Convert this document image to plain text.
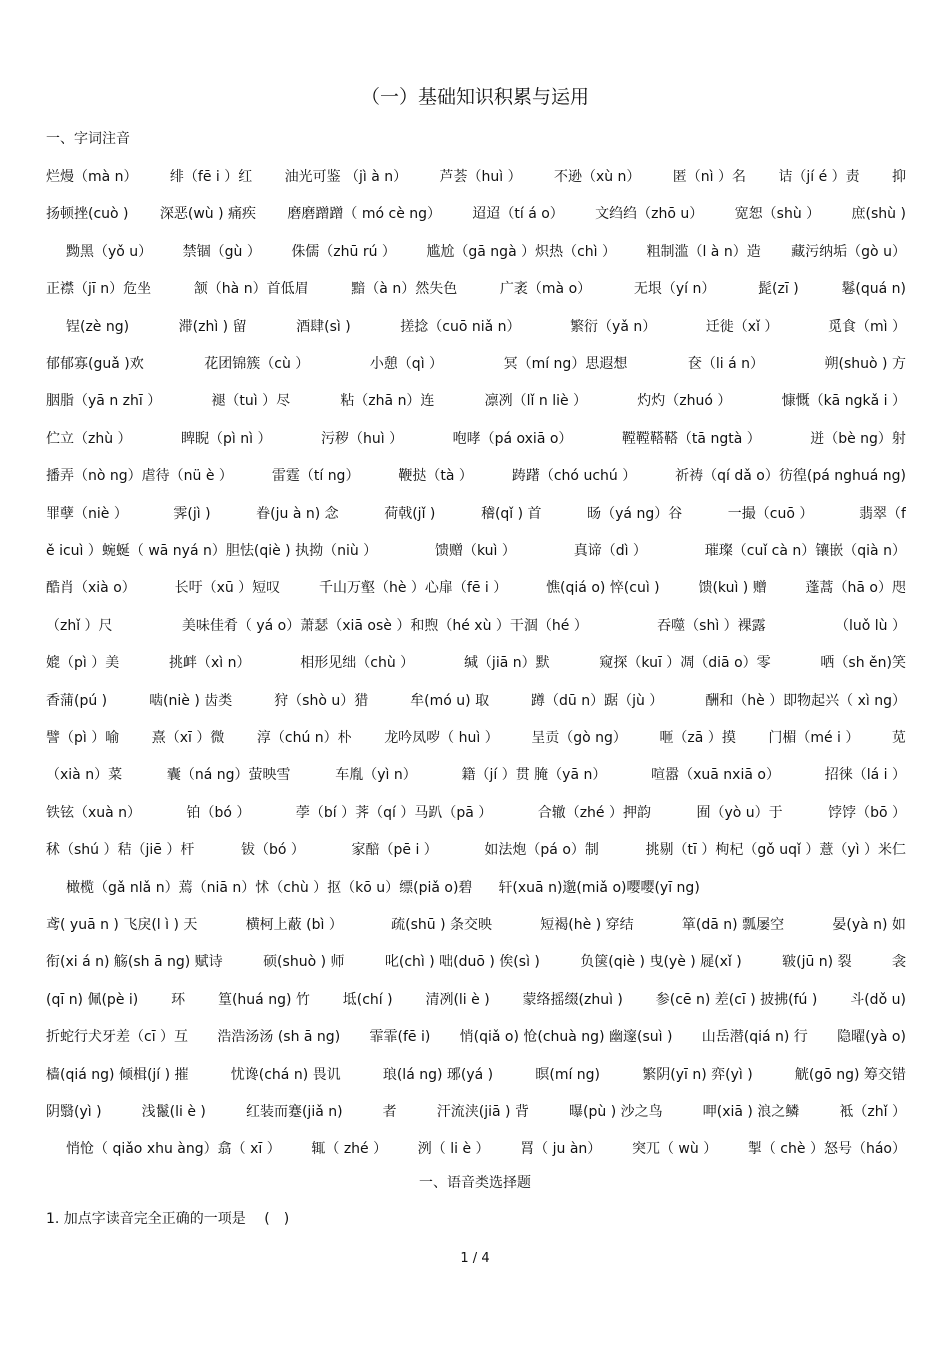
（一）基础知识积累与运用
一、字词注音
烂熳（mà n） 绯（fē i ）红 油光可鉴 （jì à n） 芦荟（huì ） 不逊（xù n） 匿（nì ）名 诘（jí é ）责 抑
扬顿挫(cuò ) 深恶(wù ) 痛疾 磨磨蹭蹭（ mó cè ng） 迢迢（tí á o） 文绉绉（zhō u） 宽恕（shù ） 庶(shù )
黝黑（yǒ u） 禁锢（gù ） 侏儒（zhū rú ） 尴尬（gā ngà ）炽热（chì ） 粗制滥（l à n）造 藏污纳垢（gò u）
正襟（jī n）危坐	颔（hà n）首低眉	黯（à n）然失色	广袤（mà o）	无垠（yí n）	髭(zī )	鬈(quá n)
锃(zè ng)	滞(zhì ) 留	酒肆(sì )	搓捻（cuō niǎ n）	繁衍（yǎ n）	迁徙（xǐ ）	觅食（mì ）
郁郁寡(guǎ )欢	花团锦簇（cù ）	小憩（qì ）	冥（mí ng）思遐想	奁（li á n）	朔(shuò ) 方
胭脂（yā n zhī ）	褪（tuì ）尽	粘（zhā n）连	凛冽（lǐ n liè ）	灼灼（zhuó ）	慷慨（kā ngkǎ i ）
伫立（zhù ）	睥睨（pì nì ）	污秽（huì ）	咆哮（pá oxiā o）	鞺鞺鞳鞳（tā ngtà ）	迸（bè ng）射
播弄（nò ng）虐待（nü è ）	雷霆（tí ng）	鞭挞（tà ）	踌躇（chó uchú ）	祈祷（qí dǎ o）彷徨(pá nghuá ng)
罪孽（niè ）	霁(jì )	眷(ju à n) 念	荷戟(jǐ )	稽(qǐ ) 首	旸（yá ng）谷	一撮（cuō ）	翡翠（f
ě icuì ）蜿蜒（ wā nyá n）胆怯(qiè ) 执拗（niù ）	馈赠（kuì ）	真谛（dì ）	璀璨（cuǐ cà n）镶嵌（qià n）
酷肖（xià o）	长吁（xū ）短叹	千山万壑（hè ）心扉（fē i ）	憔(qiá o) 悴(cuì )	馈(kuì ) 赠	蓬蒿（hā o）咫
（zhǐ ）尺	美味佳肴（ yá o）萧瑟（xiā osè ）和煦（hé xù ）干涸（hé ）	吞噬（shì ）裸露	（luǒ lù ）
媲（pì ）美	挑衅（xì n）	相形见绌（chù ）	缄（jiā n）默	窥探（kuī ）凋（diā o）零	哂（sh ěn)笑
香蒲(pú )	啮(niè ) 齿类	狩（shò u）猎	牟(mó u) 取	蹲（dū n）踞（jù ）	酬和（hè ）即物起兴（ xì ng）
譬（pì ）喻 熹（xī ）微 淳（chú n）朴 龙吟凤哕（ huì ） 呈贡（gò ng） 咂（zā ）摸 门楣（mé i ） 苋
（xià n）菜	囊（ná ng）萤映雪	车胤（yì n）	籍（jí ）贯 腌（yā n）	喧嚣（xuā nxiā o）	招徕（lá i ）
铁铉（xuà n）	铂（bó ）	荸（bí ）荠（qí ）马趴（pā ）	合辙（zhé ）押韵	囿（yò u）于	饽饽（bō ）
秫（shú ）秸（jiē ）杆	钹（bó ）	家醅（pē i ）	如法炮（pá o）制	挑剔（tī ）枸杞（gǒ uqǐ ）薏（yì ）米仁
橄榄（gǎ nlǎ n）蔫（niā n）怵（chù ）抠（kō u）缥(piǎ o)碧 轩(xuā n)邈(miǎ o)嘤嘤(yī ng)
鸢( yuā n ) 飞戾(l ì ) 天	横柯上蔽 (bì ）	疏(shū ) 条交映	短褐(hè ) 穿结	箪(dā n) 瓢屡空	晏(yà n) 如
衔(xi á n) 觞(sh ā ng) 赋诗	硕(shuò ) 师	叱(chì ) 咄(duō ) 俟(sì )	负箧(qiè ) 曳(yè ) 屣(xǐ )	皲(jū n) 裂	衾
(qī n) 佩(pè i) 环 篁(huá ng) 竹 坻(chí ) 清冽(li è ) 蒙络摇缀(zhuì ) 参(cē n) 差(cī ) 披拂(fú ) 斗(dǒ u)
折蛇行犬牙差（cī ）互 浩浩汤汤 (sh ā ng) 霏霏(fē i) 悄(qiǎ o) 怆(chuà ng) 幽邃(suì ) 山岳潜(qiá n) 行 隐曜(yà o)
樯(qiá ng) 倾楫(jí ) 摧	忧谗(chá n) 畏讥	琅(lá ng) 琊(yá )	暝(mí ng)	繁阴(yī n) 弈(yì )	觥(gō ng) 筹交错
阴翳(yì )	浅鬣(li è )	红装而蹇(jiǎ n)	者	汗流浃(jiā ) 背	曝(pù ) 沙之鸟	呷(xiā ) 浪之鳞	袛（zhǐ ）
悄怆（ qiǎo xhu àng）翕（ xī ） 辄（ zhé ） 洌（ li è ） 罥（ ju àn） 突兀（ wù ） 掣（ chè ）怒号（háo）
一、语音类选择题
1. 加点字读音完全正确的一项是　 (　)
1 / 4
